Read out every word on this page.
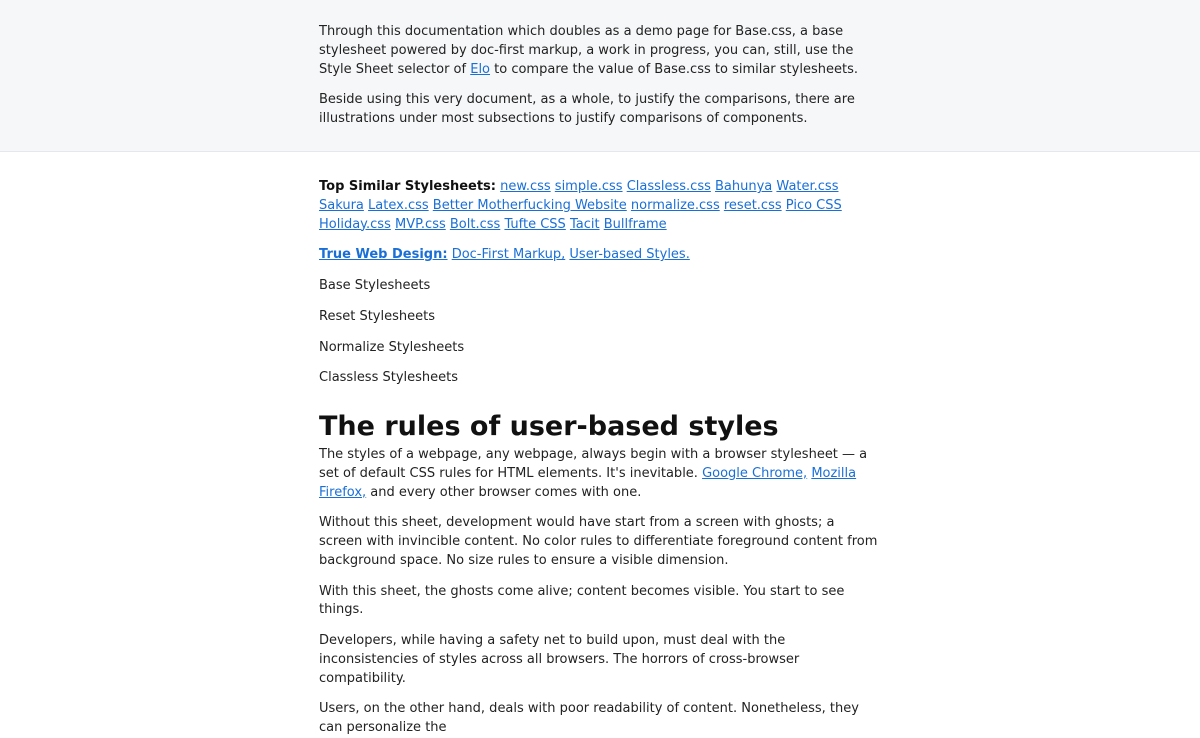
Through this documentation which doubles as a demo page for Base.css, a base stylesheet powered by doc-first markup, a work in progress, you can, still, use the Style Sheet selector of Elo to compare the value of Base.css to similar stylesheets.

Beside using this very document, as a whole, to justify the comparisons, there are illustrations under most subsections to justify comparisons of components.

Top Similar Stylesheets: new.css simple.css Classless.css Bahunya Water.css Sakura Latex.css Better Motherfucking Website normalize.css reset.css Pico CSS Holiday.css MVP.css Bolt.css Tufte CSS Tacit Bullframe

True Web Design: Doc-First Markup, User-based Styles.

Base Stylesheets

Reset Stylesheets

Normalize Stylesheets

Classless Stylesheets

The rules of user-based styles

The styles of a webpage, any webpage, always begin with a browser stylesheet — a set of default CSS rules for HTML elements. It's inevitable. Google Chrome, Mozilla Firefox, and every other browser comes with one.

Without this sheet, development would have start from a screen with ghosts; a screen with invincible content. No color rules to differentiate foreground content from background space. No size rules to ensure a visible dimension.

With this sheet, the ghosts come alive; content becomes visible. You start to see things.

Developers, while having a safety net to build upon, must deal with the inconsistencies of styles across all browsers. The horrors of cross-browser compatibility.

Users, on the other hand, deals with poor readability of content. Nonetheless, they can personalize the
